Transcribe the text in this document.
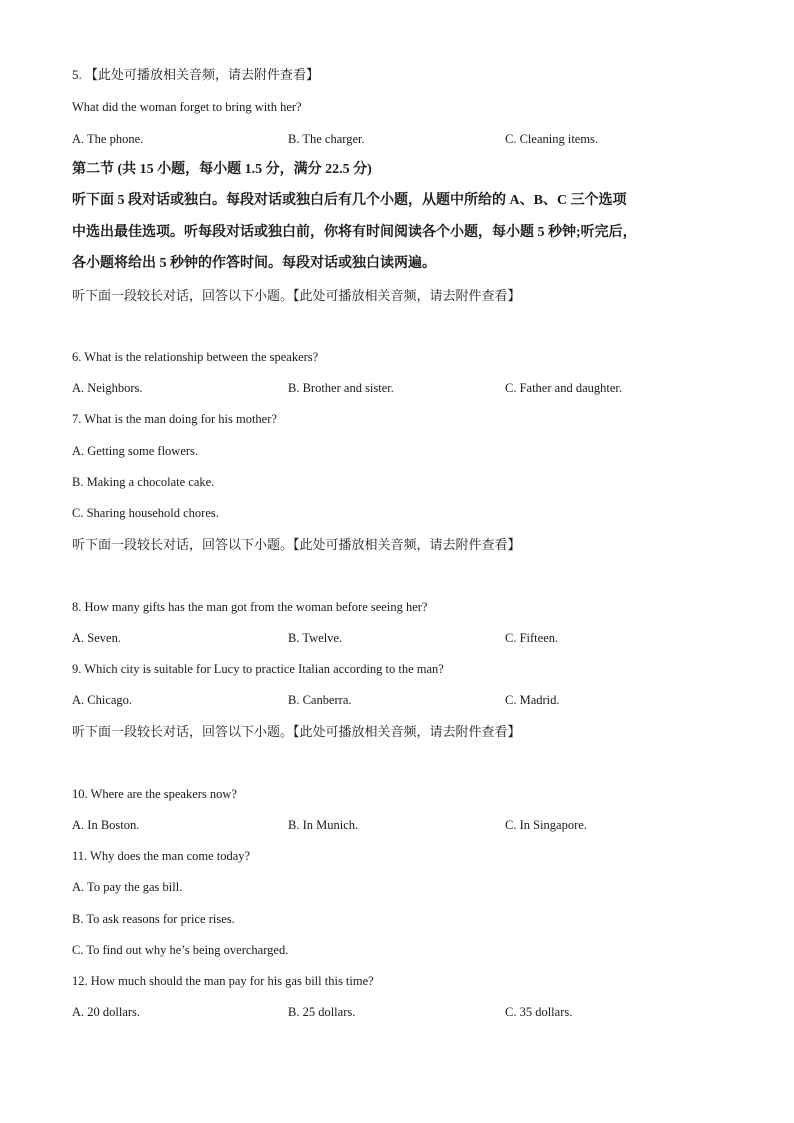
5. 【此处可播放相关音频，请去附件查看】
What did the woman forget to bring with her?
A. The phone.	B. The charger.	C. Cleaning items.
第二节 (共 15 小题，每小题 1.5 分，满分 22.5 分)
听下面 5 段对话或独白。每段对话或独白后有几个小题，从题中所给的 A、B、C 三个选项
中选出最佳选项。听每段对话或独白前，你将有时间阅读各个小题，每小题 5 秒钟;听完后，
各小题将给出 5 秒钟的作答时间。每段对话或独白读两遍。
听下面一段较长对话，回答以下小题。【此处可播放相关音频，请去附件查看】
6. What is the relationship between the speakers?
A. Neighbors.	B. Brother and sister.	C. Father and daughter.
7. What is the man doing for his mother?
A. Getting some flowers.
B. Making a chocolate cake.
C. Sharing household chores.
听下面一段较长对话，回答以下小题。【此处可播放相关音频，请去附件查看】
8. How many gifts has the man got from the woman before seeing her?
A. Seven.	B. Twelve.	C. Fifteen.
9. Which city is suitable for Lucy to practice Italian according to the man?
A. Chicago.	B. Canberra.	C. Madrid.
听下面一段较长对话，回答以下小题。【此处可播放相关音频，请去附件查看】
10. Where are the speakers now?
A. In Boston.	B. In Munich.	C. In Singapore.
11. Why does the man come today?
A. To pay the gas bill.
B. To ask reasons for price rises.
C. To find out why he’s being overcharged.
12. How much should the man pay for his gas bill this time?
A. 20 dollars.	B. 25 dollars.	C. 35 dollars.
